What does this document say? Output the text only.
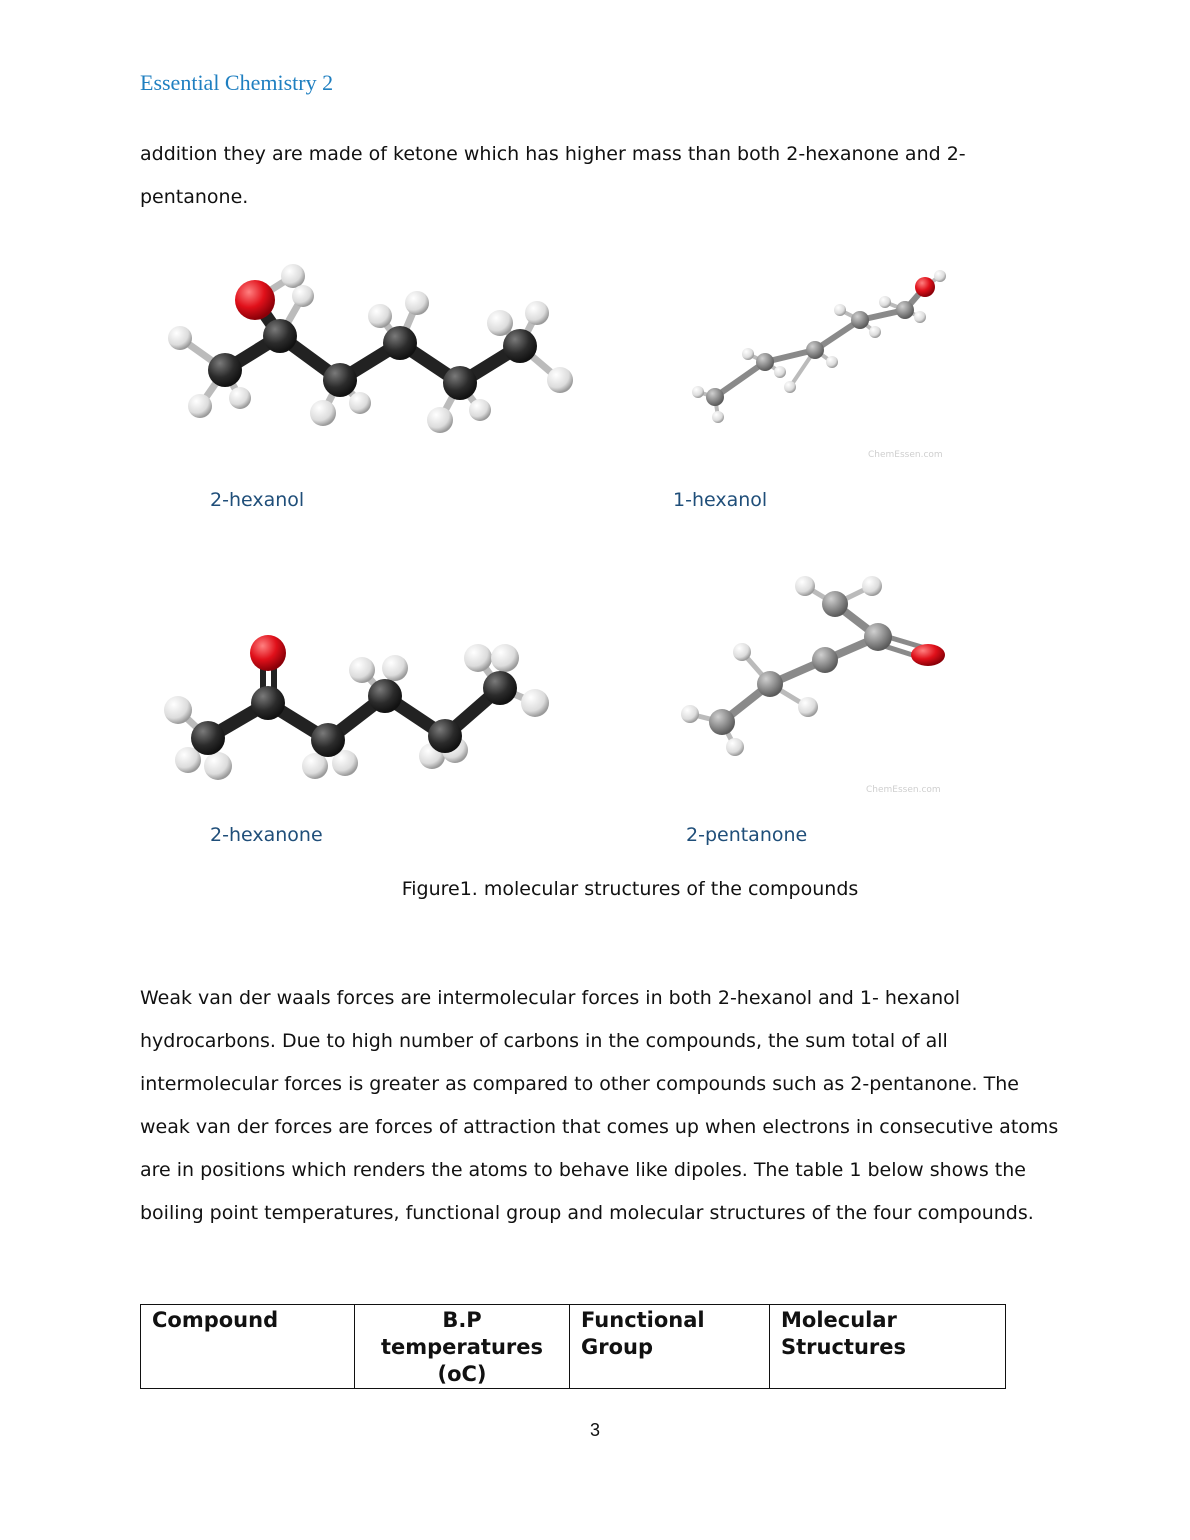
Essential Chemistry 2

addition they are made of ketone which has higher mass than both 2-hexanone and 2-

pentanone.

ChemEssen.com
2-hexanol	1-hexanol
ChemEssen.com
2-hexanone	2-pentanone
Figure1. molecular structures of the compounds

Weak van der waals forces are intermolecular forces in both 2-hexanol and 1- hexanol

hydrocarbons. Due to high number of carbons in the compounds, the sum total of all

intermolecular forces is greater as compared to other compounds such as 2-pentanone. The

weak van der forces are forces of attraction that comes up when electrons in consecutive atoms

are in positions which renders the atoms to behave like dipoles. The table 1 below shows the

boiling point temperatures, functional group and molecular structures of the four compounds.

Compound	B.P
temperatures
(oC)	Functional Group	Molecular Structures
3
